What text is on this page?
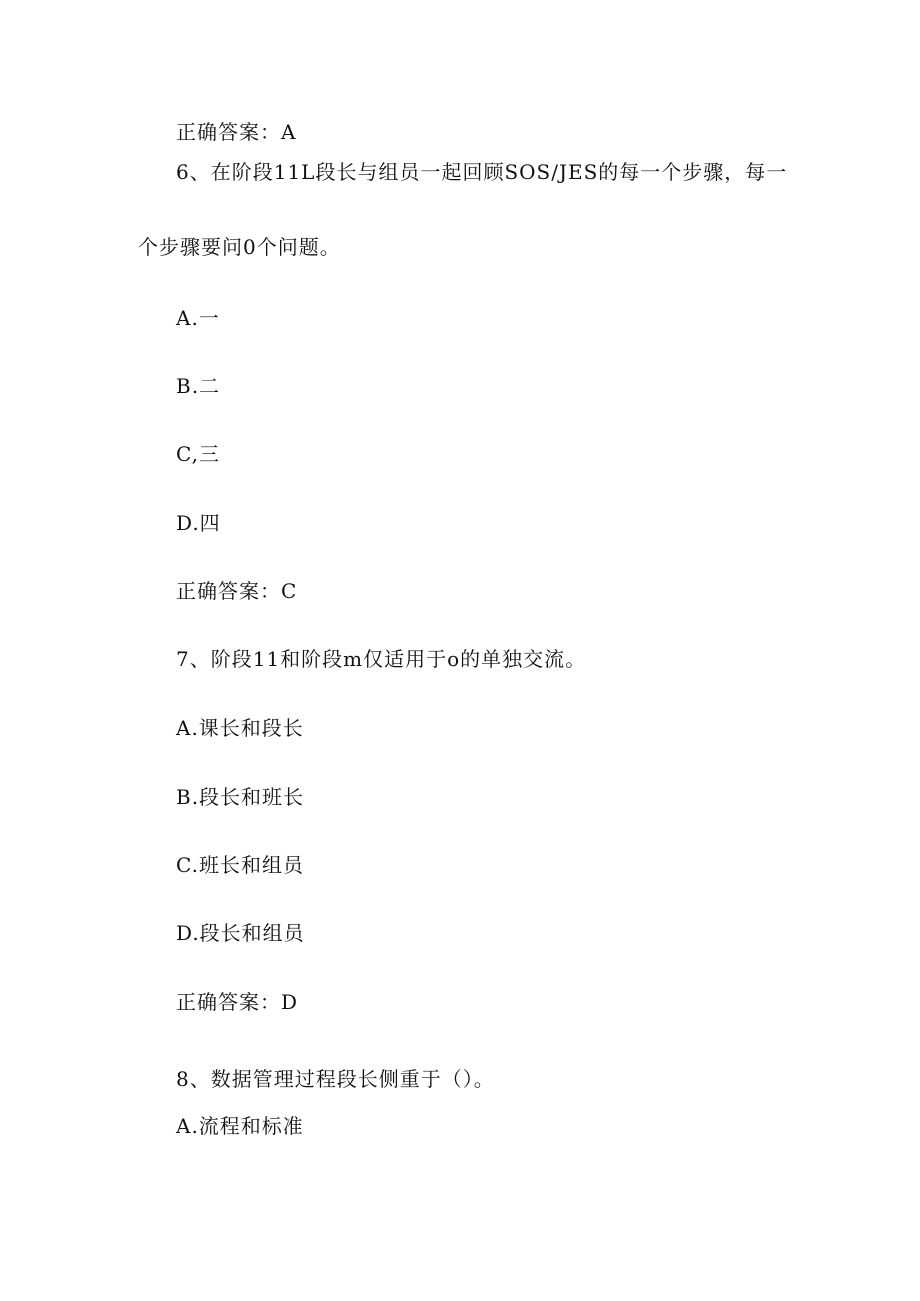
正确答案：A
6、在阶段11L段长与组员一起回顾SOS/JES的每一个步骤，每一
个步骤要问0个问题。
A.一
B.二
C,三
D.四
正确答案：C
7、阶段11和阶段m仅适用于o的单独交流。
A.课长和段长
B.段长和班长
C.班长和组员
D.段长和组员
正确答案：D
8、数据管理过程段长侧重于（）。
A.流程和标准
